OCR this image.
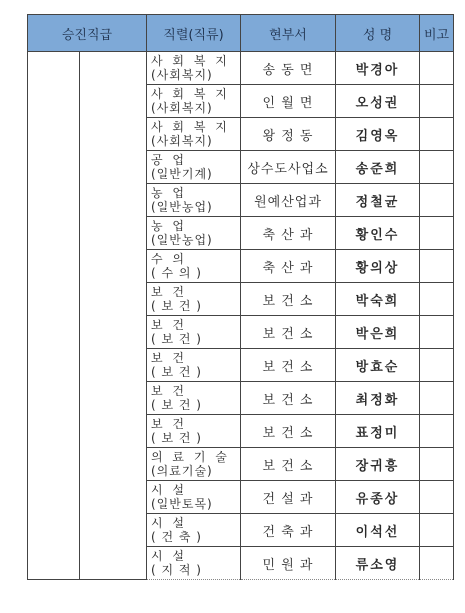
승진직급		직렬(직류)	현부서	성 명	비고

		사 회 복 지
(사회복지)	송 동 면	박경아	

		사 회 복 지
(사회복지)	인 월 면	오성권	

		사 회 복 지
(사회복지)	왕 정 동	김영옥	

		공 업
(일반기계)	상수도사업소	송준희	

		농 업
(일반농업)	원예산업과	정철균	

		농 업
(일반농업)	축 산 과	황인수	

		수 의
( 수 의 )	축 산 과	황의상	

		보 건
( 보 건 )	보 건 소	박숙희	

		보 건
( 보 건 )	보 건 소	박은희	

		보 건
( 보 건 )	보 건 소	방효순	

		보 건
( 보 건 )	보 건 소	최정화	

		보 건
( 보 건 )	보 건 소	표정미	

		의 료 기 술
(의료기술)	보 건 소	장귀흥	

		시 설
(일반토목)	건 설 과	유종상	

		시 설
( 건 축 )	건 축 과	이석선	

		시 설
( 지 적 )	민 원 과	류소영	
